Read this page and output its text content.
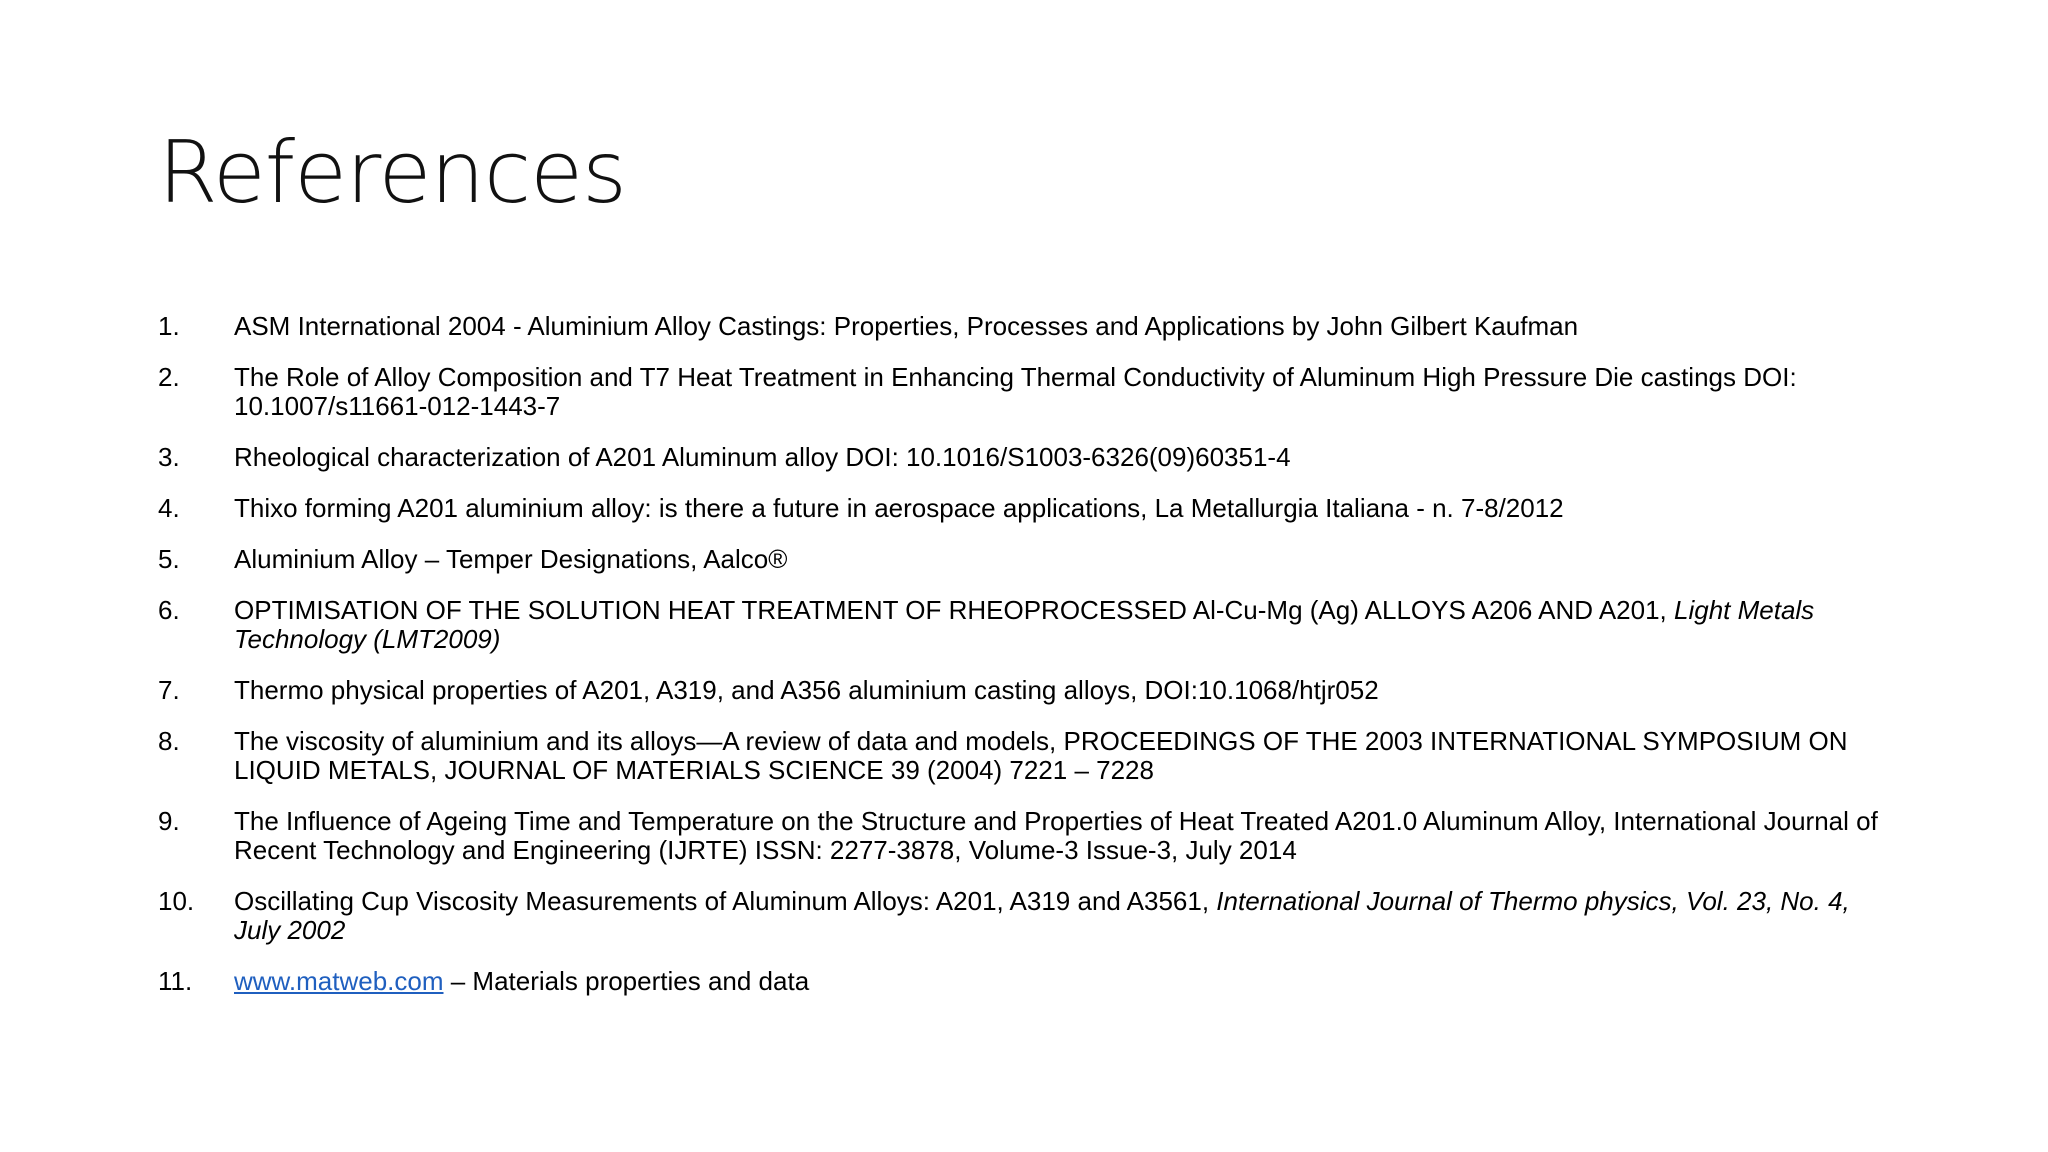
References
1.	ASM International 2004 - Aluminium Alloy Castings: Properties, Processes and Applications by John Gilbert Kaufman
2.	The Role of Alloy Composition and T7 Heat Treatment in Enhancing Thermal Conductivity of Aluminum High Pressure Die castings DOI: 10.1007/s11661-012-1443-7
3.	Rheological characterization of A201 Aluminum alloy DOI: 10.1016/S1003-6326(09)60351-4
4.	Thixo forming A201 aluminium alloy: is there a future in aerospace applications, La Metallurgia Italiana - n. 7-8/2012
5.	Aluminium Alloy – Temper Designations, Aalco®
6.	OPTIMISATION OF THE SOLUTION HEAT TREATMENT OF RHEOPROCESSED Al-Cu-Mg (Ag) ALLOYS A206 AND A201, Light Metals Technology (LMT2009)
7.	Thermo physical properties of A201, A319, and A356 aluminium casting alloys, DOI:10.1068/htjr052
8.	The viscosity of aluminium and its alloys—A review of data and models, PROCEEDINGS OF THE 2003 INTERNATIONAL SYMPOSIUM ON LIQUID METALS, JOURNAL OF MATERIALS SCIENCE 39 (2004) 7221 – 7228
9.	The Influence of Ageing Time and Temperature on the Structure and Properties of Heat Treated A201.0 Aluminum Alloy, International Journal of Recent Technology and Engineering (IJRTE) ISSN: 2277-3878, Volume-3 Issue-3, July 2014
10.	Oscillating Cup Viscosity Measurements of Aluminum Alloys: A201, A319 and A3561, International Journal of Thermo physics, Vol. 23, No. 4, July 2002
11.	www.matweb.com – Materials properties and data
